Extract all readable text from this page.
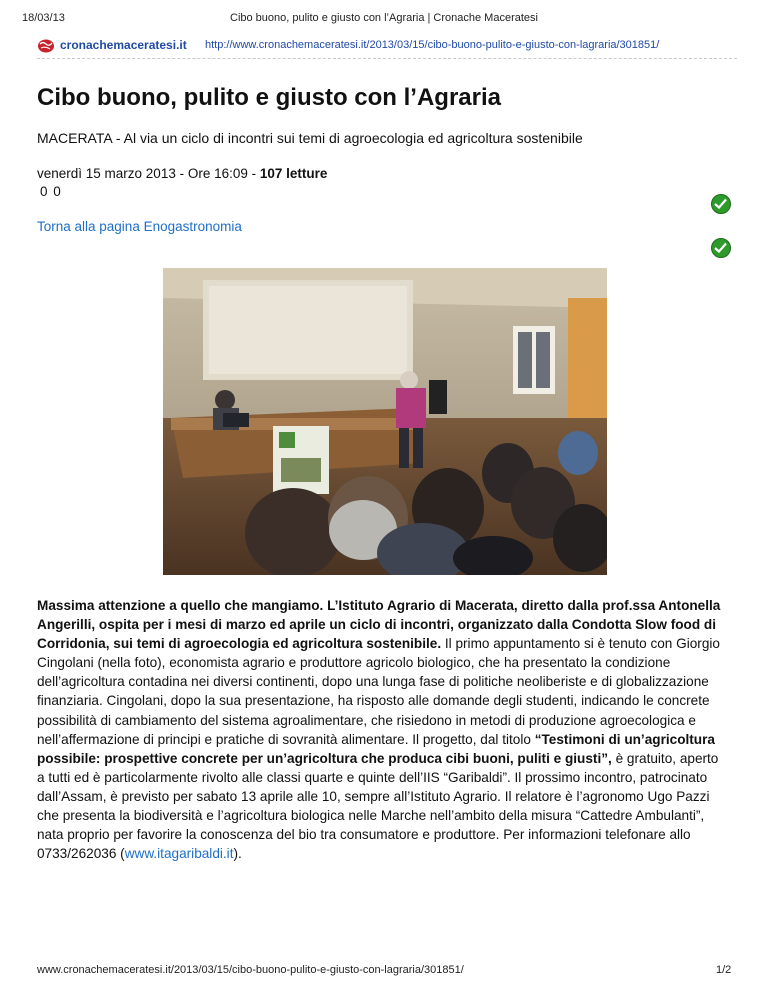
18/03/13	Cibo buono, pulito e giusto con l’Agraria | Cronache Maceratesi
cronachemaceratesi.it http://www.cronachemaceratesi.it/2013/03/15/cibo-buono-pulito-e-giusto-con-lagraria/301851/
Cibo buono, pulito e giusto con l’Agraria
MACERATA - Al via un ciclo di incontri sui temi di agroecologia ed agricoltura sostenibile
venerdì 15 marzo 2013 - Ore 16:09 - 107 letture
0 0
Torna alla pagina Enogastronomia
Massima attenzione a quello che mangiamo. L’Istituto Agrario di Macerata, diretto dalla prof.ssa Antonella Angerilli, ospita per i mesi di marzo ed aprile un ciclo di incontri, organizzato dalla Condotta Slow food di Corridonia, sui temi di agroecologia ed agricoltura sostenibile. Il primo appuntamento si è tenuto con Giorgio Cingolani (nella foto), economista agrario e produttore agricolo biologico, che ha presentato la condizione dell’agricoltura contadina nei diversi continenti, dopo una lunga fase di politiche neoliberiste e di globalizzazione finanziaria. Cingolani, dopo la sua presentazione, ha risposto alle domande degli studenti, indicando le concrete possibilità di cambiamento del sistema agroalimentare, che risiedono in metodi di produzione agroecologica e nell’affermazione di principi e pratiche di sovranità alimentare. Il progetto, dal titolo “Testimoni di un’agricoltura possibile: prospettive concrete per un’agricoltura che produca cibi buoni, puliti e giusti”, è gratuito, aperto a tutti ed è particolarmente rivolto alle classi quarte e quinte dell’IIS “Garibaldi”. Il prossimo incontro, patrocinato dall’Assam, è previsto per sabato 13 aprile alle 10, sempre all’Istituto Agrario. Il relatore è l’agronomo Ugo Pazzi che presenta la biodiversità e l’agricoltura biologica nelle Marche nell’ambito della misura “Cattedre Ambulanti”, nata proprio per favorire la conoscenza del bio tra consumatore e produttore. Per informazioni telefonare allo 0733/262036 (www.itagaribaldi.it).
www.cronachemaceratesi.it/2013/03/15/cibo-buono-pulito-e-giusto-con-lagraria/301851/	1/2
